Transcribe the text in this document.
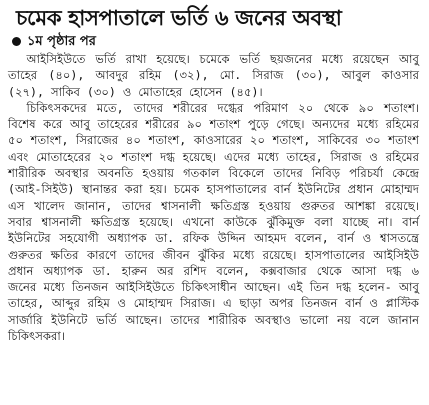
চমেক হাসপাতালে ভর্তি ৬ জনের অবস্থা
১ম পৃষ্ঠার পর
আইসিইউতে ভর্তি রাখা হয়েছে। চমেকে ভর্তি ছয়জনের মধ্যে রয়েছেন আবু তাহের (৪০), আবদুর রহিম (৩২), মো. সিরাজ (৩০), আবুল কাওসার (২৭), সাকিব (৩০) ও মোতাহের হোসেন (৪৫)।
চিকিৎসকদের মতে, তাদের শরীরের দগ্ধের পরিমাণ ২০ থেকে ৯০ শতাংশ। বিশেষ করে আবু তাহেরের শরীরের ৯০ শতাংশ পুড়ে গেছে। অন্যদের মধ্যে রহিমের ৫০ শতাংশ, সিরাজের ৪০ শতাংশ, কাওসারের ২০ শতাংশ, সাকিবের ৩০ শতাংশ এবং মোতাহেরের ২০ শতাংশ দগ্ধ হয়েছে। এদের মধ্যে তাহের, সিরাজ ও রহিমের শারীরিক অবস্থার অবনতি হওয়ায় গতকাল বিকেলে তাদের নিবিড় পরিচর্যা কেন্দ্রে (আই-সিইউ) স্থানান্তর করা হয়। চমেক হাসপাতালের বার্ন ইউনিটের প্রধান মোহাম্মদ এস খালেদ জানান, তাদের শ্বাসনালী ক্ষতিগ্রস্ত হওয়ায় গুরুতর আশঙ্কা রয়েছে। সবার শ্বাসনালী ক্ষতিগ্রস্ত হয়েছে। এখনো কাউকে ঝুঁকিমুক্ত বলা যাচ্ছে না। বার্ন ইউনিটের সহযোগী অধ্যাপক ডা. রফিক উদ্দিন আহমদ বলেন, বার্ন ও শ্বাসতন্ত্রে গুরুতর ক্ষতির কারণে তাদের জীবন ঝুঁকির মধ্যে রয়েছে। হাসপাতালের আইসিইউ প্রধান অধ্যাপক ডা. হারুন অর রশিদ বলেন, কক্সবাজার থেকে আসা দগ্ধ ৬ জনের মধ্যে তিনজন আইসিইউতে চিকিৎসাধীন আছেন। এই তিন দগ্ধ হলেন- আবু তাহের, আব্দুর রহিম ও মোহাম্মদ সিরাজ। এ ছাড়া অপর তিনজন বার্ন ও প্লাস্টিক সার্জারি ইউনিটে ভর্তি আছেন। তাদের শারীরিক অবস্থাও ভালো নয় বলে জানান চিকিৎসকরা।
